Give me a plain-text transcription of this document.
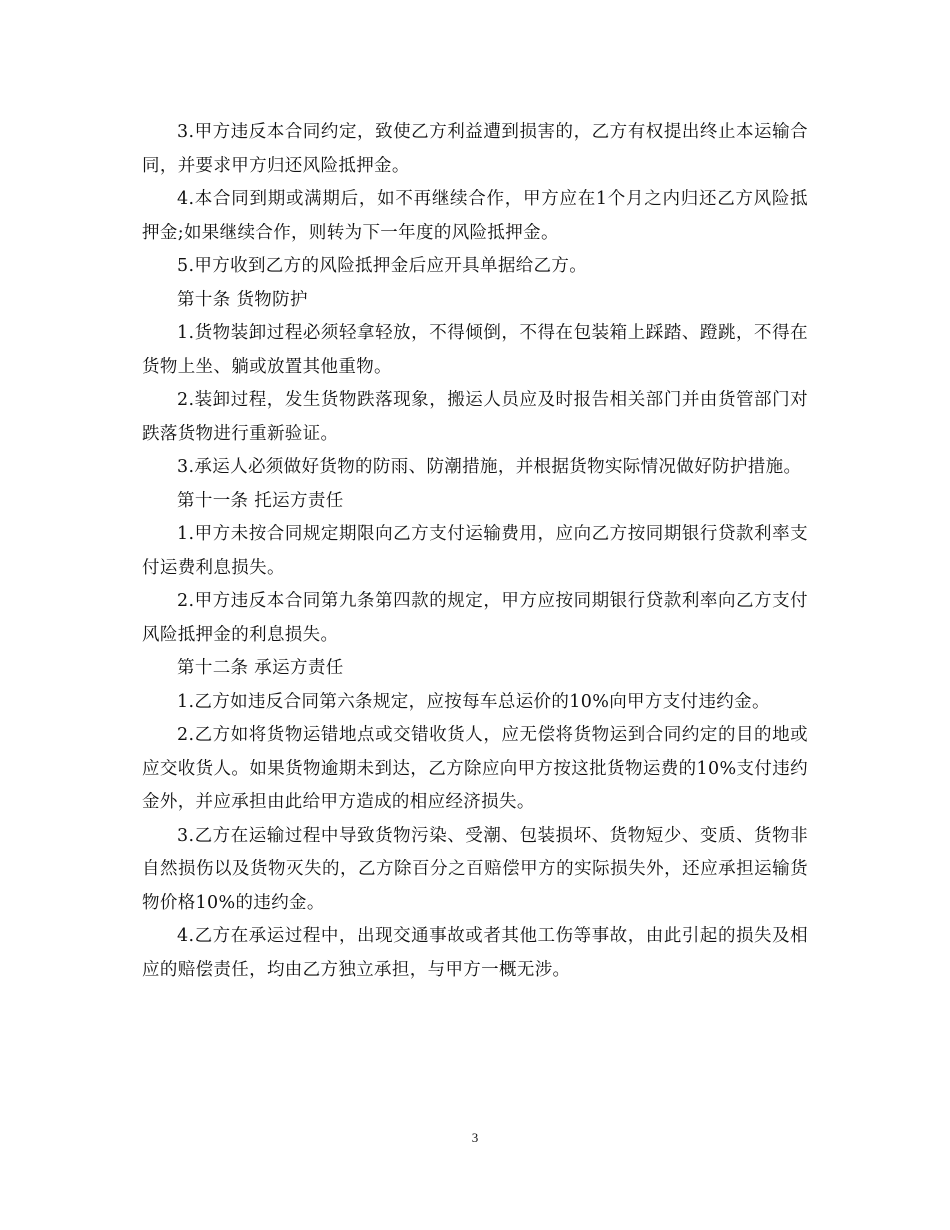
3.甲方违反本合同约定，致使乙方利益遭到损害的，乙方有权提出终止本运输合同，并要求甲方归还风险抵押金。

4.本合同到期或满期后，如不再继续合作，甲方应在1个月之内归还乙方风险抵押金;如果继续合作，则转为下一年度的风险抵押金。

5.甲方收到乙方的风险抵押金后应开具单据给乙方。

第十条 货物防护

1.货物装卸过程必须轻拿轻放，不得倾倒，不得在包装箱上踩踏、蹬跳，不得在货物上坐、躺或放置其他重物。

2.装卸过程，发生货物跌落现象，搬运人员应及时报告相关部门并由货管部门对跌落货物进行重新验证。

3.承运人必须做好货物的防雨、防潮措施，并根据货物实际情况做好防护措施。

第十一条 托运方责任

1.甲方未按合同规定期限向乙方支付运输费用，应向乙方按同期银行贷款利率支付运费利息损失。

2.甲方违反本合同第九条第四款的规定，甲方应按同期银行贷款利率向乙方支付风险抵押金的利息损失。

第十二条 承运方责任

1.乙方如违反合同第六条规定，应按每车总运价的10%向甲方支付违约金。

2.乙方如将货物运错地点或交错收货人，应无偿将货物运到合同约定的目的地或应交收货人。如果货物逾期未到达，乙方除应向甲方按这批货物运费的10%支付违约金外，并应承担由此给甲方造成的相应经济损失。

3.乙方在运输过程中导致货物污染、受潮、包装损坏、货物短少、变质、货物非自然损伤以及货物灭失的，乙方除百分之百赔偿甲方的实际损失外，还应承担运输货物价格10%的违约金。

4.乙方在承运过程中，出现交通事故或者其他工伤等事故，由此引起的损失及相应的赔偿责任，均由乙方独立承担，与甲方一概无涉。

3
